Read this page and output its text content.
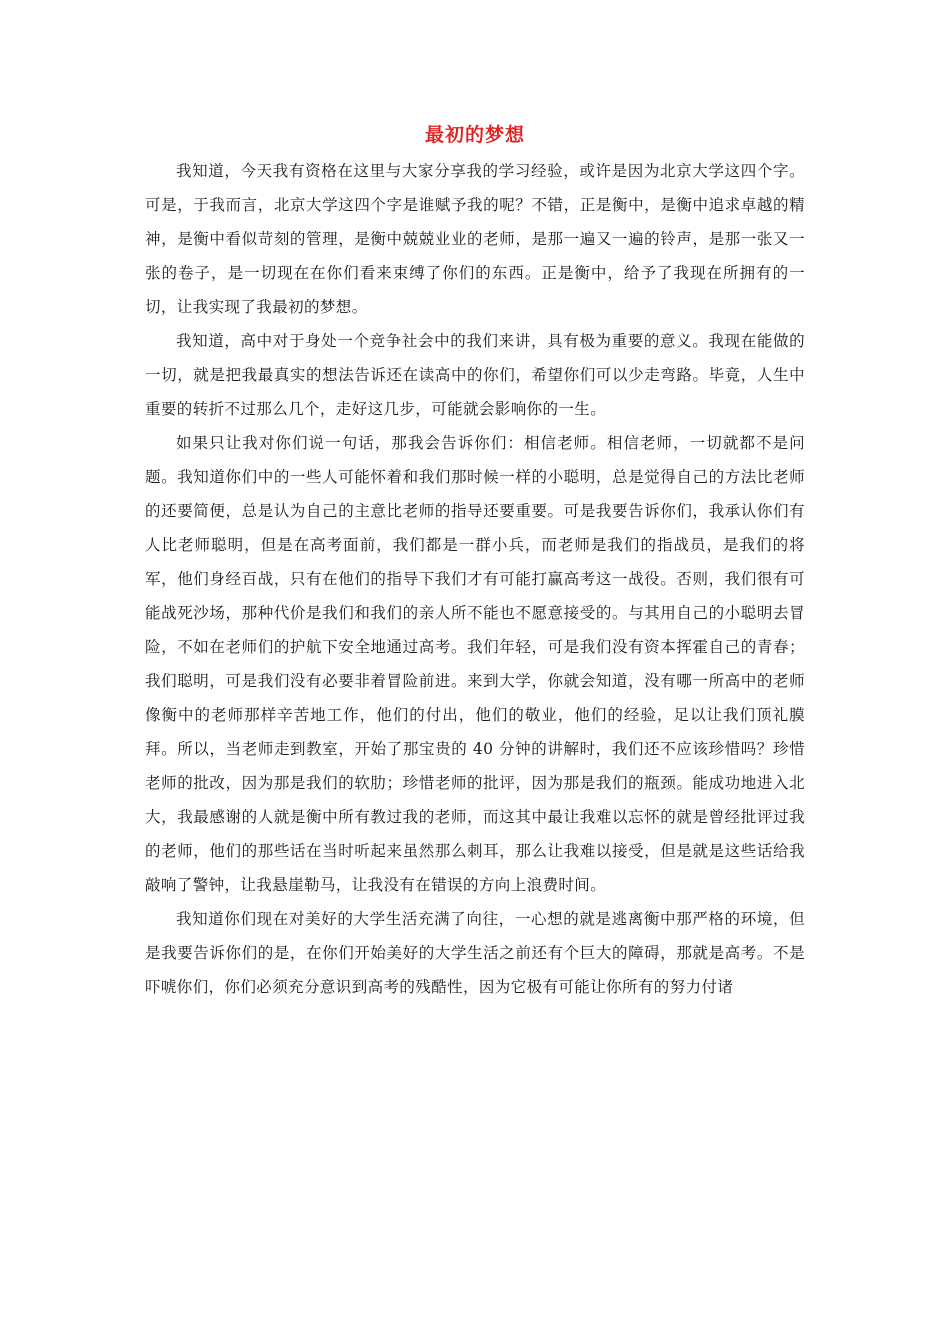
最初的梦想

我知道，今天我有资格在这里与大家分享我的学习经验，或许是因为北京大学这四个字。可是，于我而言，北京大学这四个字是谁赋予我的呢？不错，正是衡中，是衡中追求卓越的精神，是衡中看似苛刻的管理，是衡中兢兢业业的老师，是那一遍又一遍的铃声，是那一张又一张的卷子，是一切现在在你们看来束缚了你们的东西。正是衡中，给予了我现在所拥有的一切，让我实现了我最初的梦想。

我知道，高中对于身处一个竞争社会中的我们来讲，具有极为重要的意义。我现在能做的一切，就是把我最真实的想法告诉还在读高中的你们，希望你们可以少走弯路。毕竟，人生中重要的转折不过那么几个，走好这几步，可能就会影响你的一生。

如果只让我对你们说一句话，那我会告诉你们：相信老师。相信老师，一切就都不是问题。我知道你们中的一些人可能怀着和我们那时候一样的小聪明，总是觉得自己的方法比老师的还要简便，总是认为自己的主意比老师的指导还要重要。可是我要告诉你们，我承认你们有人比老师聪明，但是在高考面前，我们都是一群小兵，而老师是我们的指战员，是我们的将军，他们身经百战，只有在他们的指导下我们才有可能打赢高考这一战役。否则，我们很有可能战死沙场，那种代价是我们和我们的亲人所不能也不愿意接受的。与其用自己的小聪明去冒险，不如在老师们的护航下安全地通过高考。我们年轻，可是我们没有资本挥霍自己的青春；我们聪明，可是我们没有必要非着冒险前进。来到大学，你就会知道，没有哪一所高中的老师像衡中的老师那样辛苦地工作，他们的付出，他们的敬业，他们的经验，足以让我们顶礼膜拜。所以，当老师走到教室，开始了那宝贵的 40 分钟的讲解时，我们还不应该珍惜吗？珍惜老师的批改，因为那是我们的软肋；珍惜老师的批评，因为那是我们的瓶颈。能成功地进入北大，我最感谢的人就是衡中所有教过我的老师，而这其中最让我难以忘怀的就是曾经批评过我的老师，他们的那些话在当时听起来虽然那么刺耳，那么让我难以接受，但是就是这些话给我敲响了警钟，让我悬崖勒马，让我没有在错误的方向上浪费时间。

我知道你们现在对美好的大学生活充满了向往，一心想的就是逃离衡中那严格的环境，但是我要告诉你们的是，在你们开始美好的大学生活之前还有个巨大的障碍，那就是高考。不是吓唬你们，你们必须充分意识到高考的残酷性，因为它极有可能让你所有的努力付诸
